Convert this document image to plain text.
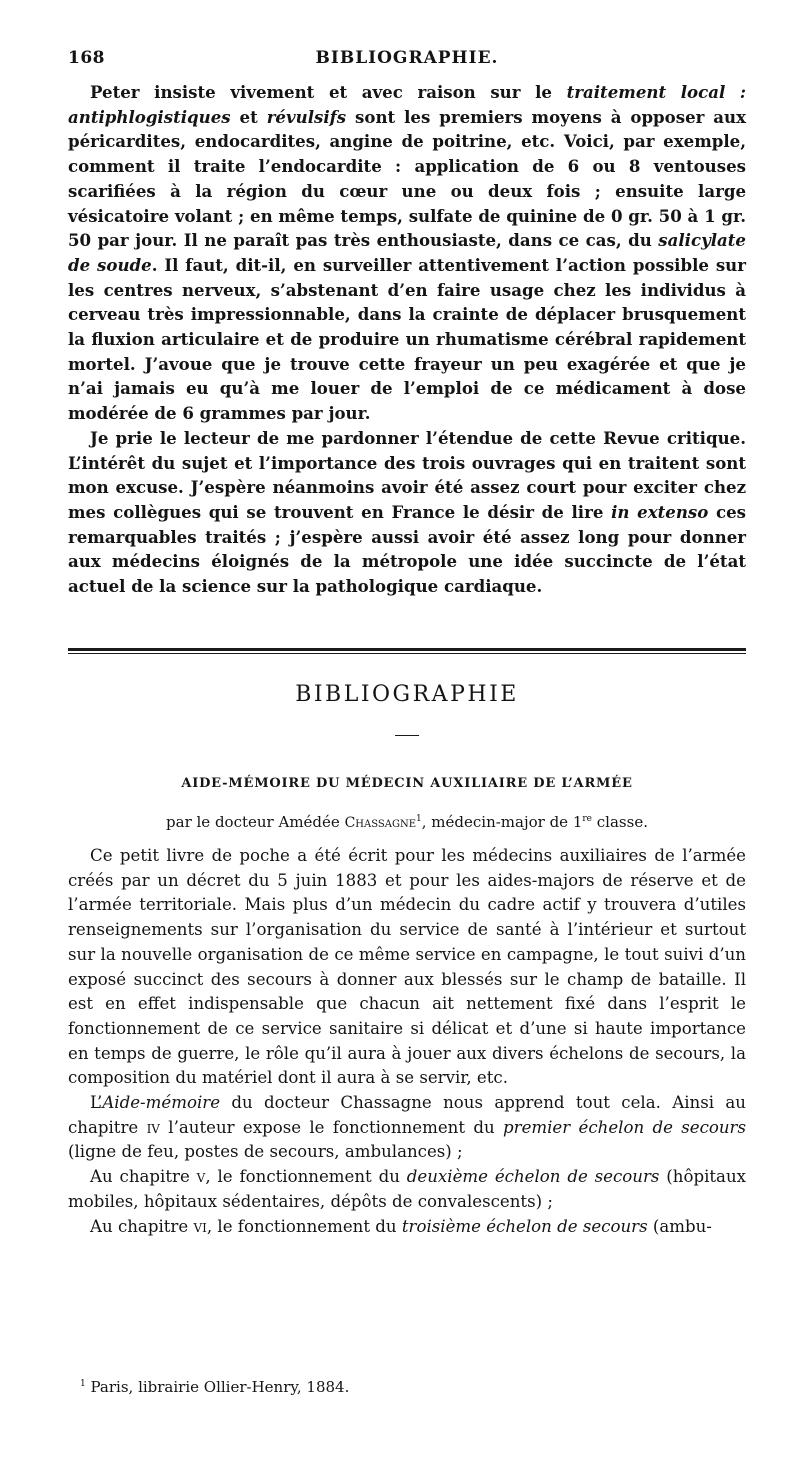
168	BIBLIOGRAPHIE.

Peter insiste vivement et avec raison sur le traitement local : antiphlogistiques et révulsifs sont les premiers moyens à opposer aux péricardites, endocardites, angine de poitrine, etc. Voici, par exemple, comment il traite l’endocardite : application de 6 ou 8 ventouses scarifiées à la région du cœur une ou deux fois ; ensuite large vésicatoire volant ; en même temps, sulfate de quinine de 0 gr. 50 à 1 gr. 50 par jour. Il ne paraît pas très enthousiaste, dans ce cas, du salicylate de soude. Il faut, dit-il, en surveiller attentivement l’action possible sur les centres nerveux, s’abstenant d’en faire usage chez les individus à cerveau très impressionnable, dans la crainte de déplacer brusquement la fluxion articulaire et de produire un rhumatisme cérébral rapidement mortel. J’avoue que je trouve cette frayeur un peu exagérée et que je n’ai jamais eu qu’à me louer de l’emploi de ce médicament à dose modérée de 6 grammes par jour.

Je prie le lecteur de me pardonner l’étendue de cette Revue critique. L’intérêt du sujet et l’importance des trois ouvrages qui en traitent sont mon excuse. J’espère néanmoins avoir été assez court pour exciter chez mes collègues qui se trouvent en France le désir de lire in extenso ces remarquables traités ; j’espère aussi avoir été assez long pour donner aux médecins éloignés de la métropole une idée succincte de l’état actuel de la science sur la pathologique cardiaque.

BIBLIOGRAPHIE
AIDE-MÉMOIRE DU MÉDECIN AUXILIAIRE DE L’ARMÉE
par le docteur Amédée Chassagne$^1$, médecin-major de 1re classe.

Ce petit livre de poche a été écrit pour les médecins auxiliaires de l’armée créés par un décret du 5 juin 1883 et pour les aides-majors de réserve et de l’armée territoriale. Mais plus d’un médecin du cadre actif y trouvera d’utiles renseignements sur l’organisation du service de santé à l’intérieur et surtout sur la nouvelle organisation de ce même service en campagne, le tout suivi d’un exposé succinct des secours à donner aux blessés sur le champ de bataille. Il est en effet indispensable que chacun ait nettement fixé dans l’esprit le fonctionnement de ce service sanitaire si délicat et d’une si haute importance en temps de guerre, le rôle qu’il aura à jouer aux divers échelons de secours, la composition du matériel dont il aura à se servir, etc.

L’Aide-mémoire du docteur Chassagne nous apprend tout cela. Ainsi au chapitre iv l’auteur expose le fonctionnement du premier échelon de secours (ligne de feu, postes de secours, ambulances) ;

Au chapitre v, le fonctionnement du deuxième échelon de secours (hôpitaux mobiles, hôpitaux sédentaires, dépôts de convalescents) ;

Au chapitre vi, le fonctionnement du troisième échelon de secours (ambu-

$^1$ Paris, librairie Ollier-Henry, 1884.
